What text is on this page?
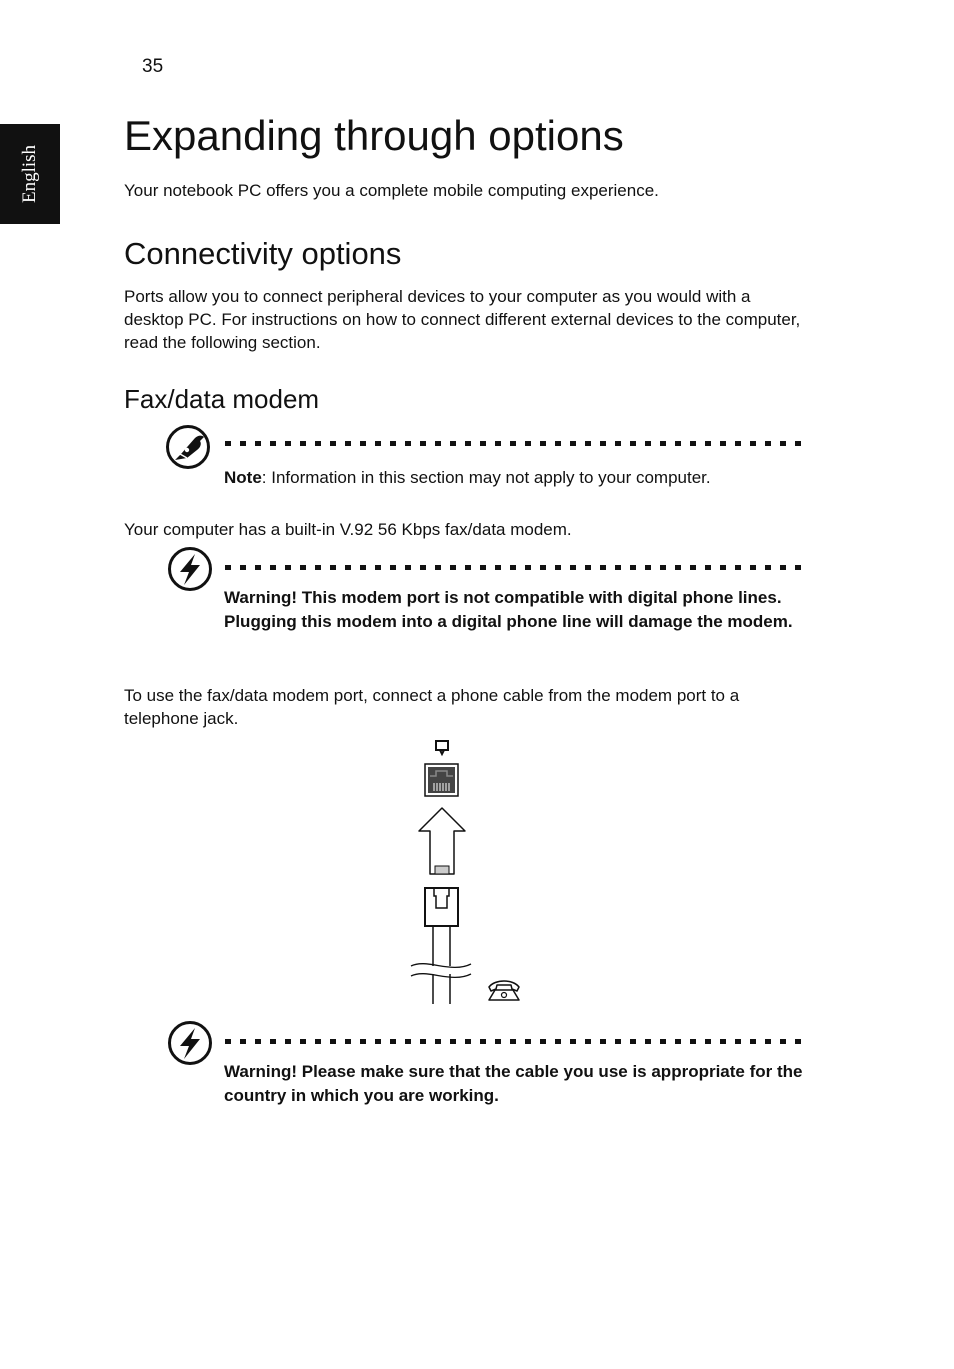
35
English
Expanding through options

Your notebook PC offers you a complete mobile computing experience.

Connectivity options

Ports allow you to connect peripheral devices to your computer as you would with a desktop PC. For instructions on how to connect different external devices to the computer, read the following section.

Fax/data modem

Note: Information in this section may not apply to your computer.

Your computer has a built-in V.92 56 Kbps fax/data modem.

Warning! This modem port is not compatible with digital phone lines. Plugging this modem into a digital phone line will damage the modem.

To use the fax/data modem port, connect a phone cable from the modem port to a telephone jack.

Warning! Please make sure that the cable you use is appropriate for the country in which you are working.
